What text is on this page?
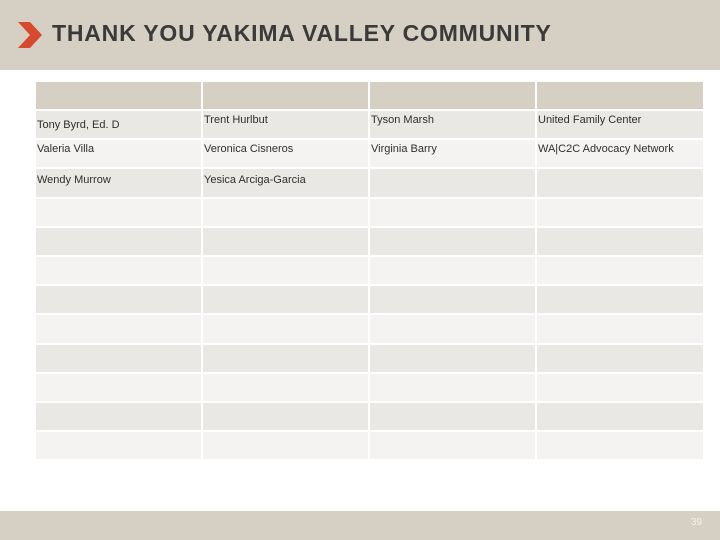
THANK YOU YAKIMA VALLEY COMMUNITY

Tony Byrd, Ed. D	Trent Hurlbut	Tyson Marsh	United Family Center
Valeria Villa	Veronica Cisneros	Virginia Barry	WA|C2C Advocacy Network
Wendy Murrow	Yesica Arciga-Garcia		

39
